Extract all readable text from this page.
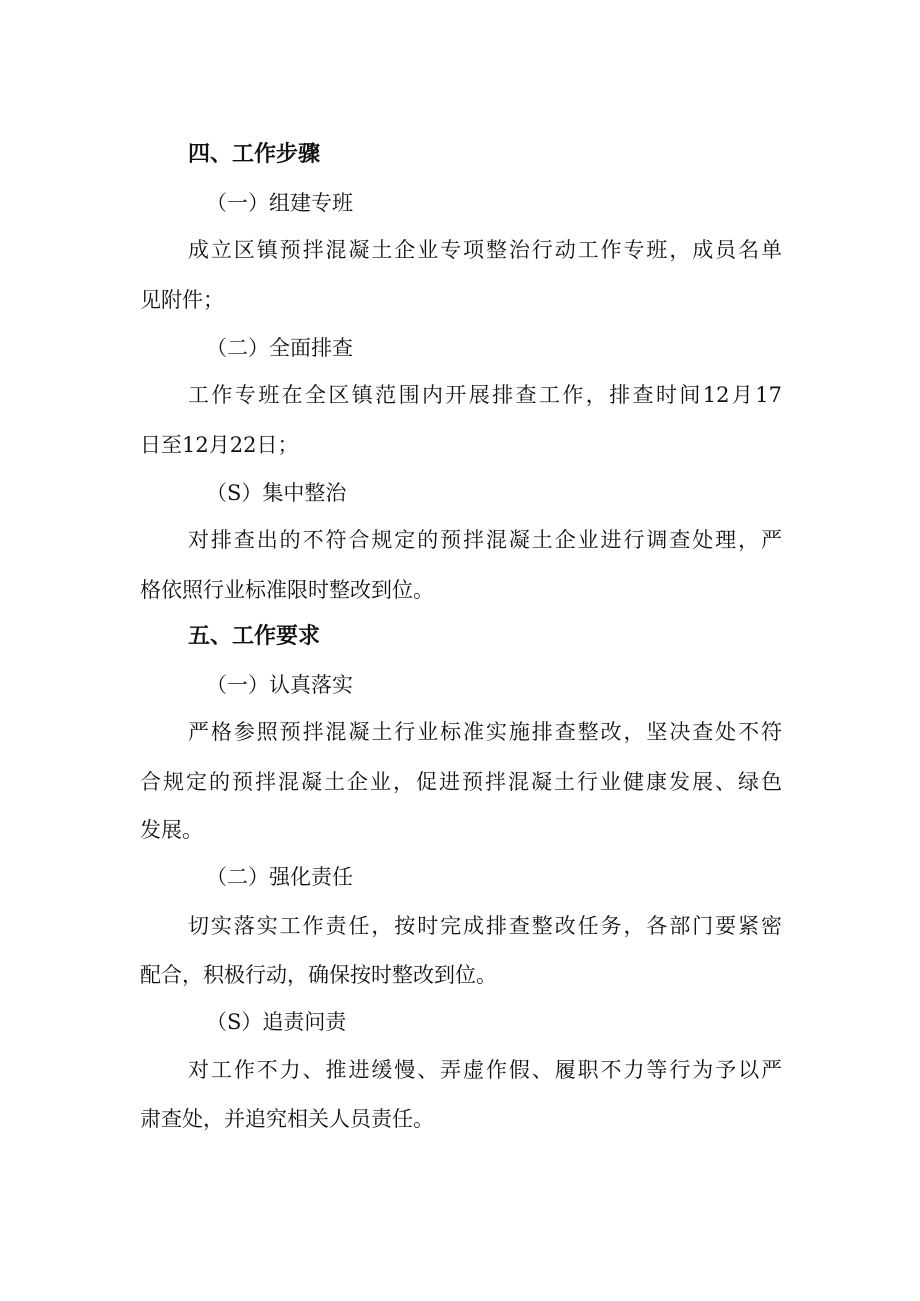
四、工作步骤
（一）组建专班
成立区镇预拌混凝土企业专项整治行动工作专班，成员名单
见附件；
（二）全面排查
工作专班在全区镇范围内开展排查工作，排查时间12月17
日至12月22日；
（S）集中整治
对排查出的不符合规定的预拌混凝土企业进行调查处理，严
格依照行业标准限时整改到位。
五、工作要求
（一）认真落实
严格参照预拌混凝土行业标准实施排查整改，坚决查处不符
合规定的预拌混凝土企业，促进预拌混凝土行业健康发展、绿色
发展。
（二）强化责任
切实落实工作责任，按时完成排查整改任务，各部门要紧密
配合，积极行动，确保按时整改到位。
（S）追责问责
对工作不力、推进缓慢、弄虚作假、履职不力等行为予以严
肃查处，并追究相关人员责任。
